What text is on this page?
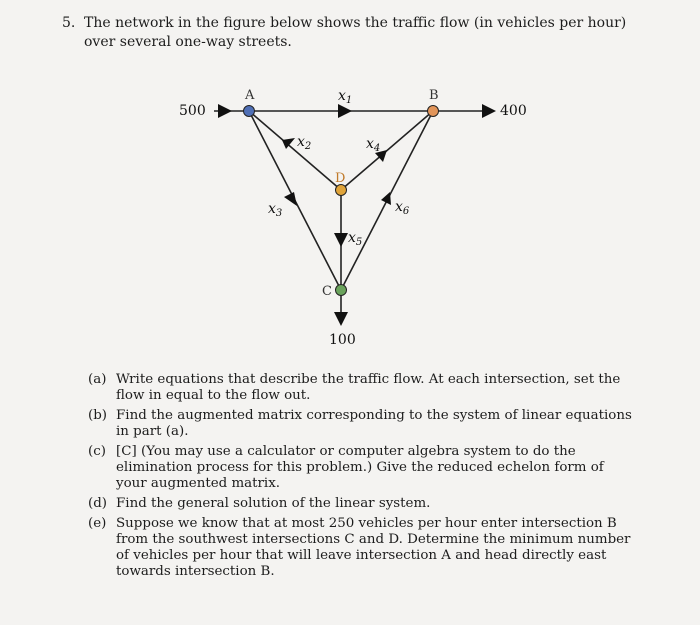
5. The network in the figure below shows the traffic flow (in vehicles per hour) over several one-way streets.
A	B
D
C
500	400
100
$x_1$
$x_2$
$x_3$
$x_4$
$x_5$
$x_6$
(a) Write equations that describe the traffic flow. At each intersection, set the flow in equal to the flow out.
(b) Find the augmented matrix corresponding to the system of linear equations in part (a).
(c) [C] (You may use a calculator or computer algebra system to do the elimination process for this problem.) Give the reduced echelon form of your augmented matrix.
(d) Find the general solution of the linear system.
(e) Suppose we know that at most 250 vehicles per hour enter intersection B from the southwest intersections C and D. Determine the minimum number of vehicles per hour that will leave intersection A and head directly east towards intersection B.
